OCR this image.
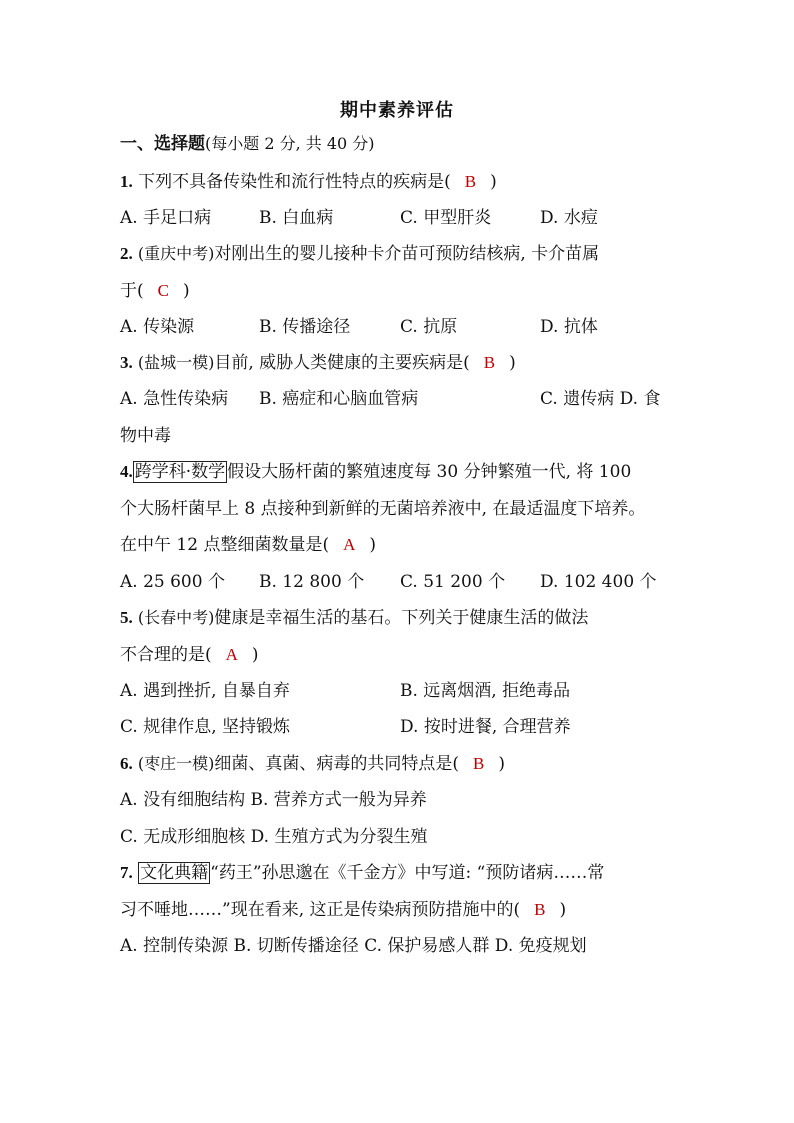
期中素养评估
一、选择题(每小题 2 分, 共 40 分)
1. 下列不具备传染性和流行性特点的疾病是( B )
A. 手足口病	B. 白血病	C. 甲型肝炎	D. 水痘
2. (重庆中考)对刚出生的婴儿接种卡介苗可预防结核病, 卡介苗属
于( C )
A. 传染源	B. 传播途径	C. 抗原	D. 抗体
3. (盐城一模)目前, 威胁人类健康的主要疾病是( B )
A. 急性传染病 B. 癌症和心脑血管病	C. 遗传病 D. 食
物中毒
4. 跨学科·数学 假设大肠杆菌的繁殖速度每 30 分钟繁殖一代, 将 100
个大肠杆菌早上 8 点接种到新鲜的无菌培养液中, 在最适温度下培养。
在中午 12 点整细菌数量是( A )
A. 25 600 个 B. 12 800 个 C. 51 200 个 D. 102 400 个
5. (长春中考)健康是幸福生活的基石。下列关于健康生活的做法
不合理的是( A )
A. 遇到挫折, 自暴自弃	B. 远离烟酒, 拒绝毒品
C. 规律作息, 坚持锻炼	D. 按时进餐, 合理营养
6. (枣庄一模)细菌、真菌、病毒的共同特点是( B )
A. 没有细胞结构 B. 营养方式一般为异养
C. 无成形细胞核 D. 生殖方式为分裂生殖
7. 文化典籍 “药王”孙思邈在《千金方》中写道: “预防诸病……常
习不唾地……”现在看来, 这正是传染病预防措施中的( B )
A. 控制传染源 B. 切断传播途径 C. 保护易感人群 D. 免疫规划
